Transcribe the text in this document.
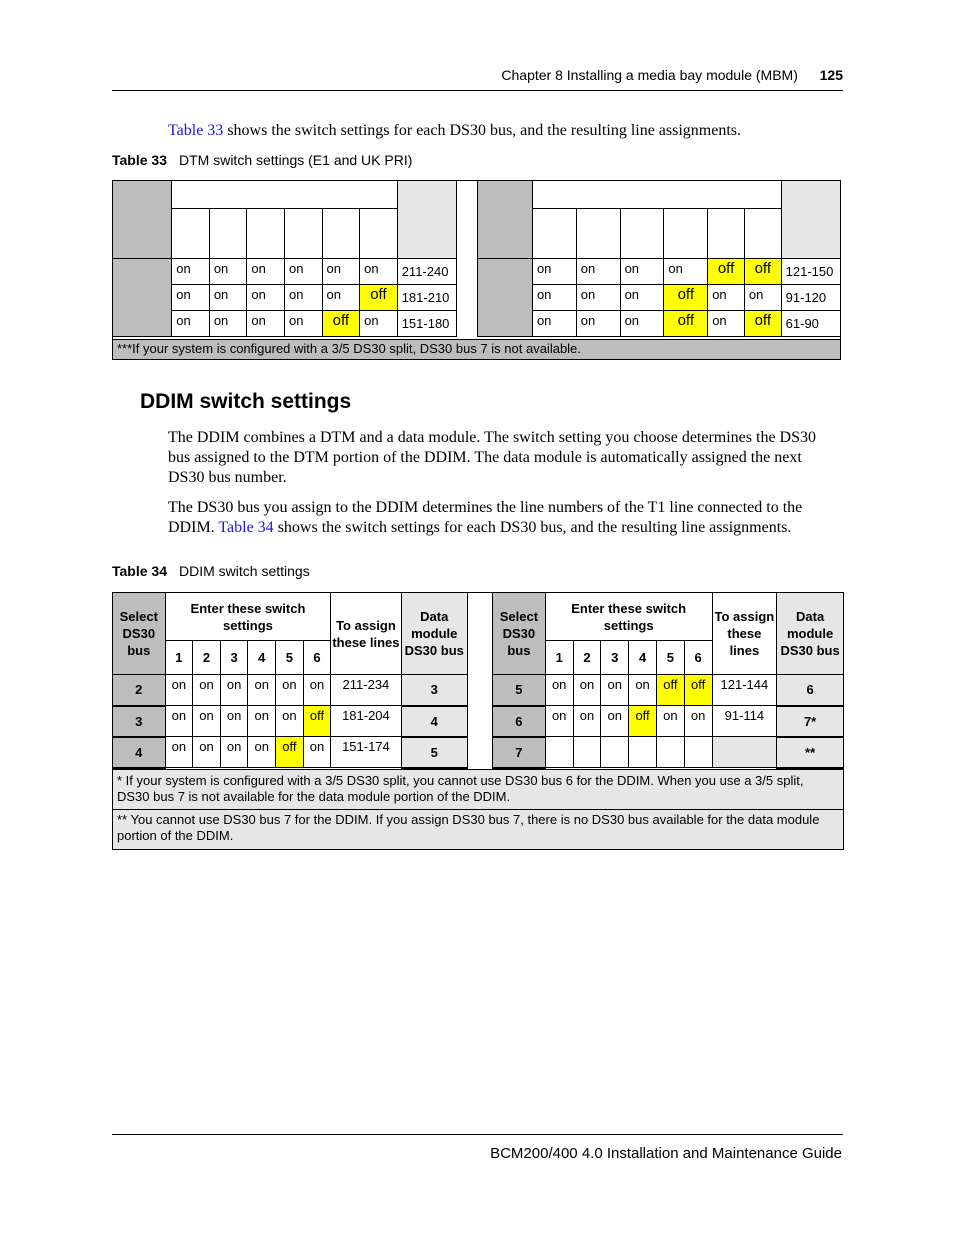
Chapter 8 Installing a media bay module (MBM) 125
Table 33 shows the switch settings for each DS30 bus, and the resulting line assignments.
Table 33 DTM switch settings (E1 and UK PRI)

	on	on	on	on	on	on	211-240
	on	on	on	on	on	off	181-210
	on	on	on	on	off	on	151-180

	on	on	on	on	off	off	121-150
	on	on	on	off	on	on	91-120
	on	on	on	off	on	off	61-90
***If your system is configured with a 3/5 DS30 split, DS30 bus 7 is not available.
DDIM switch settings
The DDIM combines a DTM and a data module. The switch setting you choose determines the DS30 bus assigned to the DTM portion of the DDIM. The data module is automatically assigned the next DS30 bus number.
The DS30 bus you assign to the DDIM determines the line numbers of the T1 line connected to the DDIM. Table 34 shows the switch settings for each DS30 bus, and the resulting line assignments.
Table 34 DDIM switch settings
Select DS30 bus	Enter these switch settings						To assign these lines	Data module DS30 bus
	1	2	3	4	5	6		
2	on	on	on	on	on	on	211-234	3
3	on	on	on	on	on	off	181-204	4
4	on	on	on	on	off	on	151-174	5
Select DS30 bus	Enter these switch settings						To assign these lines	Data module DS30 bus
	1	2	3	4	5	6		
5	on	on	on	on	off	off	121-144	6
6	on	on	on	off	on	on	91-114	7*
7								**
* If your system is configured with a 3/5 DS30 split, you cannot use DS30 bus 6 for the DDIM. When you use a 3/5 split, DS30 bus 7 is not available for the data module portion of the DDIM.
** You cannot use DS30 bus 7 for the DDIM. If you assign DS30 bus 7, there is no DS30 bus available for the data module portion of the DDIM.
BCM200/400 4.0 Installation and Maintenance Guide
